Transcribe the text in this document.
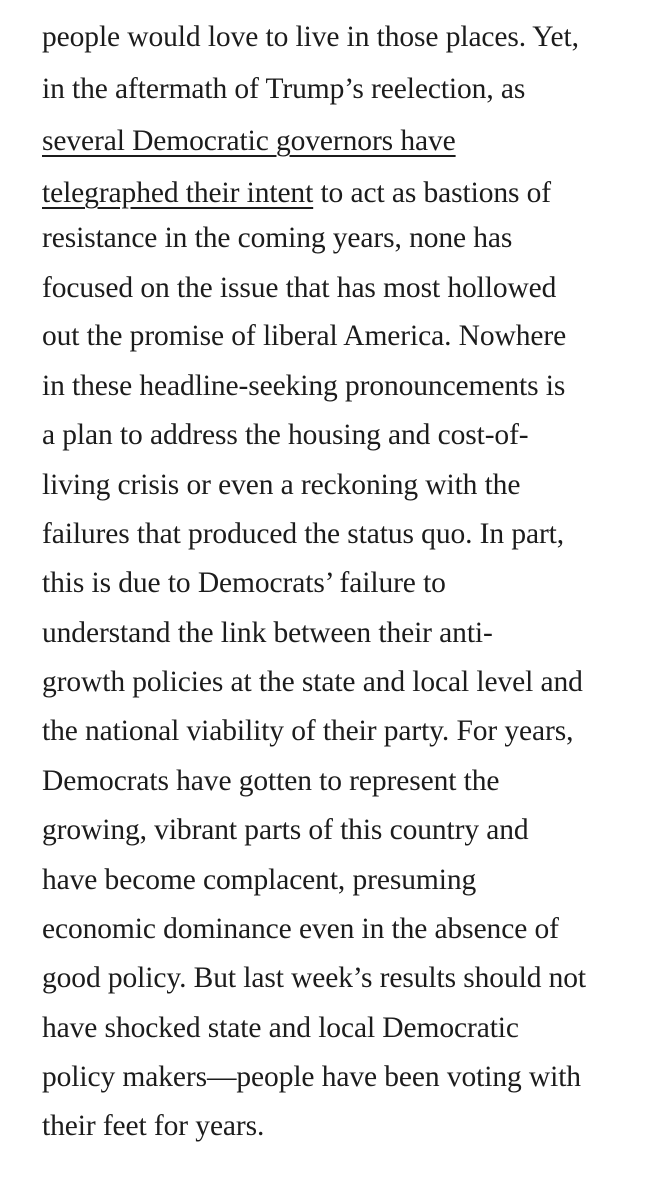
people would love to live in those places. Yet,
in the aftermath of Trump’s reelection, as
several Democratic governors have
telegraphed their intent to act as bastions of
resistance in the coming years, none has
focused on the issue that has most hollowed
out the promise of liberal America. Nowhere
in these headline-seeking pronouncements is
a plan to address the housing and cost-of-
living crisis or even a reckoning with the
failures that produced the status quo. In part,
this is due to Democrats’ failure to
understand the link between their anti-
growth policies at the state and local level and
the national viability of their party. For years,
Democrats have gotten to represent the
growing, vibrant parts of this country and
have become complacent, presuming
economic dominance even in the absence of
good policy. But last week’s results should not
have shocked state and local Democratic
policy makers—people have been voting with
their feet for years.
